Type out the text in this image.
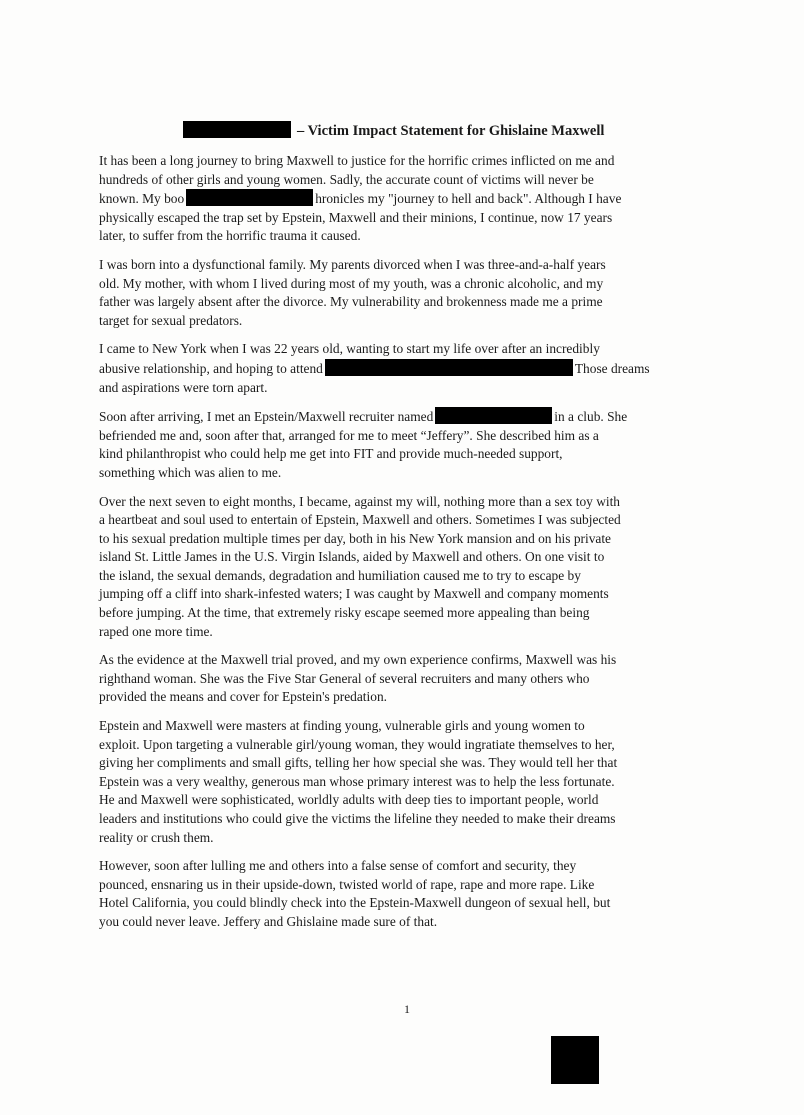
– Victim Impact Statement for Ghislaine Maxwell
It has been a long journey to bring Maxwell to justice for the horrific crimes inflicted on me and
hundreds of other girls and young women. Sadly, the accurate count of victims will never be
known. My boo	hronicles my "journey to hell and back". Although I have
physically escaped the trap set by Epstein, Maxwell and their minions, I continue, now 17 years
later, to suffer from the horrific trauma it caused.
I was born into a dysfunctional family. My parents divorced when I was three-and-a-half years
old. My mother, with whom I lived during most of my youth, was a chronic alcoholic, and my
father was largely absent after the divorce. My vulnerability and brokenness made me a prime
target for sexual predators.
I came to New York when I was 22 years old, wanting to start my life over after an incredibly
abusive relationship, and hoping to attend	Those dreams
and aspirations were torn apart.
Soon after arriving, I met an Epstein/Maxwell recruiter named	in a club. She
befriended me and, soon after that, arranged for me to meet “Jeffery”. She described him as a
kind philanthropist who could help me get into FIT and provide much-needed support,
something which was alien to me.
Over the next seven to eight months, I became, against my will, nothing more than a sex toy with
a heartbeat and soul used to entertain of Epstein, Maxwell and others. Sometimes I was subjected
to his sexual predation multiple times per day, both in his New York mansion and on his private
island St. Little James in the U.S. Virgin Islands, aided by Maxwell and others. On one visit to
the island, the sexual demands, degradation and humiliation caused me to try to escape by
jumping off a cliff into shark-infested waters; I was caught by Maxwell and company moments
before jumping. At the time, that extremely risky escape seemed more appealing than being
raped one more time.
As the evidence at the Maxwell trial proved, and my own experience confirms, Maxwell was his
righthand woman. She was the Five Star General of several recruiters and many others who
provided the means and cover for Epstein's predation.
Epstein and Maxwell were masters at finding young, vulnerable girls and young women to
exploit. Upon targeting a vulnerable girl/young woman, they would ingratiate themselves to her,
giving her compliments and small gifts, telling her how special she was. They would tell her that
Epstein was a very wealthy, generous man whose primary interest was to help the less fortunate.
He and Maxwell were sophisticated, worldly adults with deep ties to important people, world
leaders and institutions who could give the victims the lifeline they needed to make their dreams
reality or crush them.
However, soon after lulling me and others into a false sense of comfort and security, they
pounced, ensnaring us in their upside-down, twisted world of rape, rape and more rape. Like
Hotel California, you could blindly check into the Epstein-Maxwell dungeon of sexual hell, but
you could never leave. Jeffery and Ghislaine made sure of that.
1
